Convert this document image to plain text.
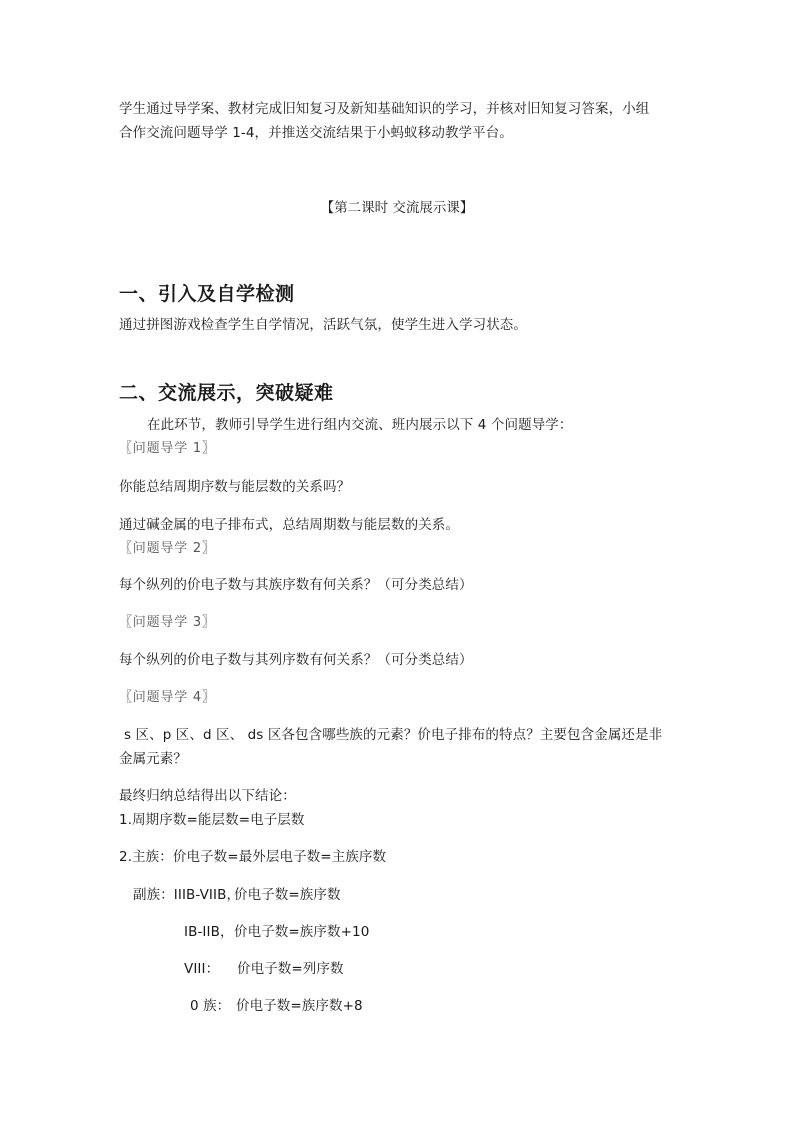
学生通过导学案、教材完成旧知复习及新知基础知识的学习，并核对旧知复习答案，小组
合作交流问题导学 1-4，并推送交流结果于小蚂蚁移动教学平台。
【第二课时 交流展示课】
一、引入及自学检测
通过拼图游戏检查学生自学情况，活跃气氛，使学生进入学习状态。
二、交流展示，突破疑难
在此环节，教师引导学生进行组内交流、班内展示以下 4 个问题导学：
〖问题导学 1〗
你能总结周期序数与能层数的关系吗？
通过碱金属的电子排布式，总结周期数与能层数的关系。
〖问题导学 2〗
每个纵列的价电子数与其族序数有何关系？（可分类总结）
〖问题导学 3〗
每个纵列的价电子数与其列序数有何关系？（可分类总结）
〖问题导学 4〗
s 区、p 区、d 区、 ds 区各包含哪些族的元素？价电子排布的特点？主要包含金属还是非
金属元素？
最终归纳总结得出以下结论：
1.周期序数=能层数=电子层数
2.主族：价电子数=最外层电子数=主族序数
副族：IIIB-VIIB，
价电子数=族序数
IB-IIB， 价电子数=族序数+10
VIII： 价电子数=列序数
0 族： 价电子数=族序数+8
